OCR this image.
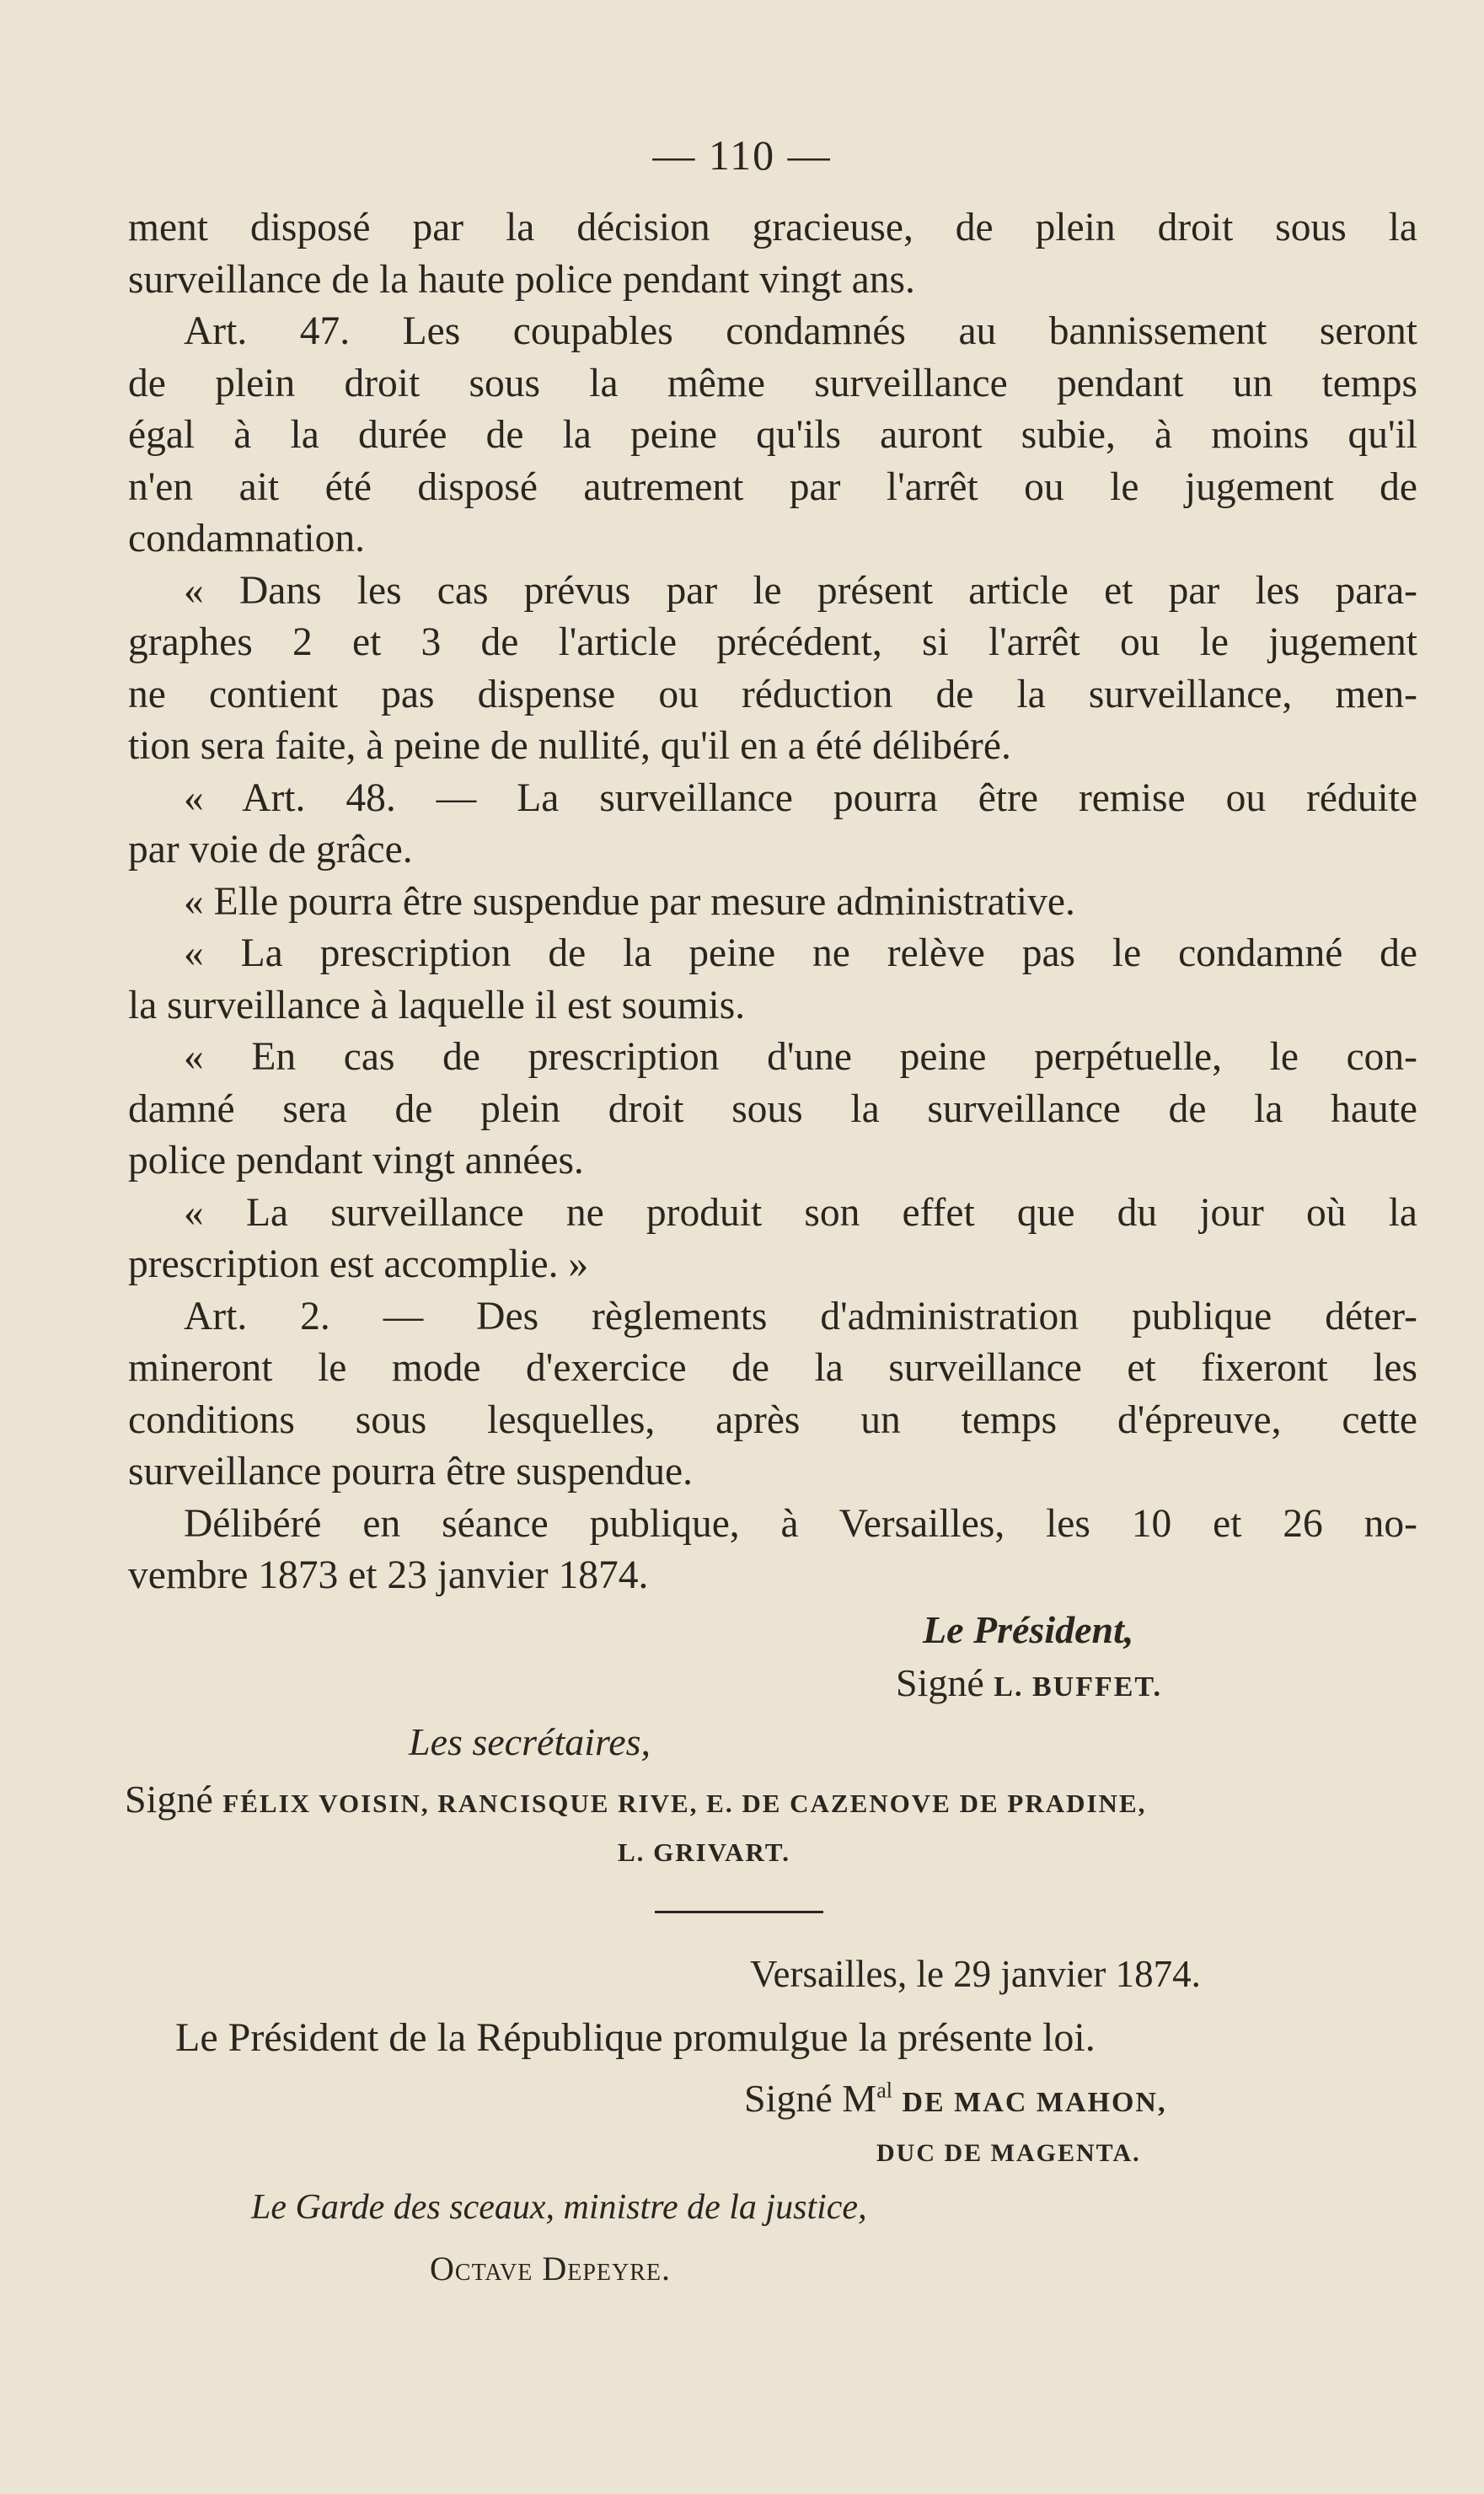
— 110 —
ment disposé par la décision gracieuse, de plein droit sous la
surveillance de la haute police pendant vingt ans.
Art. 47. Les coupables condamnés au bannissement seront
de plein droit sous la même surveillance pendant un temps
égal à la durée de la peine qu'ils auront subie, à moins qu'il
n'en ait été disposé autrement par l'arrêt ou le jugement de
condamnation.
« Dans les cas prévus par le présent article et par les para-
graphes 2 et 3 de l'article précédent, si l'arrêt ou le jugement
ne contient pas dispense ou réduction de la surveillance, men-
tion sera faite, à peine de nullité, qu'il en a été délibéré.
« Art. 48. — La surveillance pourra être remise ou réduite
par voie de grâce.
« Elle pourra être suspendue par mesure administrative.
« La prescription de la peine ne relève pas le condamné de
la surveillance à laquelle il est soumis.
« En cas de prescription d'une peine perpétuelle, le con-
damné sera de plein droit sous la surveillance de la haute
police pendant vingt années.
« La surveillance ne produit son effet que du jour où la
prescription est accomplie. »
Art. 2. — Des règlements d'administration publique déter-
mineront le mode d'exercice de la surveillance et fixeront les
conditions sous lesquelles, après un temps d'épreuve, cette
surveillance pourra être suspendue.
Délibéré en séance publique, à Versailles, les 10 et 26 no-
vembre 1873 et 23 janvier 1874.
Le Président,
Signé L. BUFFET.
Les secrétaires,
Signé FÉLIX VOISIN, RANCISQUE RIVE, E. DE CAZENOVE DE PRADINE,
L. GRIVART.
Versailles, le 29 janvier 1874.
Le Président de la République promulgue la présente loi.
Signé $M^{al}$ DE MAC MAHON,
DUC DE MAGENTA.
Le Garde des sceaux, ministre de la justice,
Octave Depeyre.
